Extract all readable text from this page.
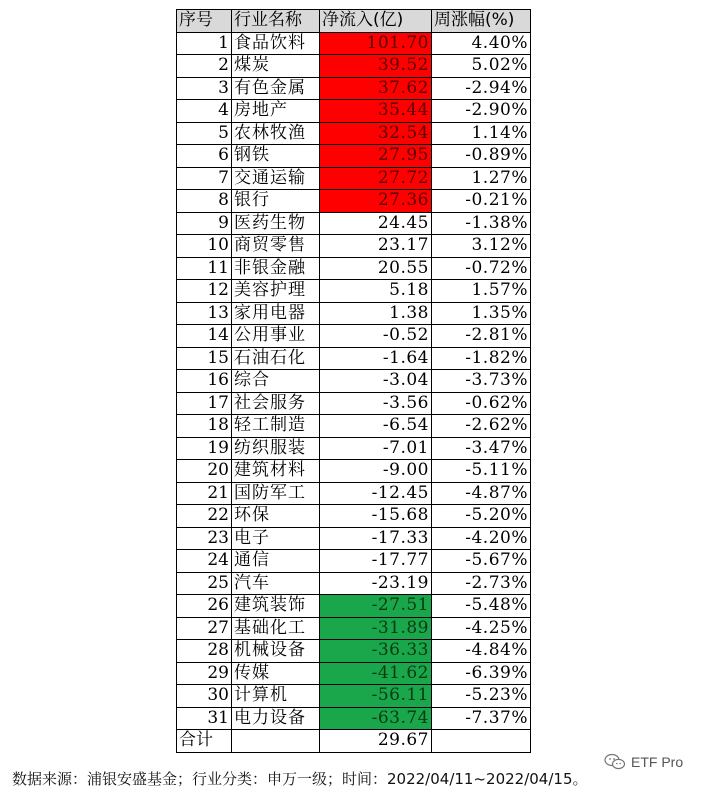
序号	行业名称	净流入(亿)	周涨幅(%)
1	食品饮料	101.70	4.40%
2	煤炭	39.52	5.02%
3	有色金属	37.62	-2.94%
4	房地产	35.44	-2.90%
5	农林牧渔	32.54	1.14%
6	钢铁	27.95	-0.89%
7	交通运输	27.72	1.27%
8	银行	27.36	-0.21%
9	医药生物	24.45	-1.38%
10	商贸零售	23.17	3.12%
11	非银金融	20.55	-0.72%
12	美容护理	5.18	1.57%
13	家用电器	1.38	1.35%
14	公用事业	-0.52	-2.81%
15	石油石化	-1.64	-1.82%
16	综合	-3.04	-3.73%
17	社会服务	-3.56	-0.62%
18	轻工制造	-6.54	-2.62%
19	纺织服装	-7.01	-3.47%
20	建筑材料	-9.00	-5.11%
21	国防军工	-12.45	-4.87%
22	环保	-15.68	-5.20%
23	电子	-17.33	-4.20%
24	通信	-17.77	-5.67%
25	汽车	-23.19	-2.73%
26	建筑装饰	-27.51	-5.48%
27	基础化工	-31.89	-4.25%
28	机械设备	-36.33	-4.84%
29	传媒	-41.62	-6.39%
30	计算机	-56.11	-5.23%
31	电力设备	-63.74	-7.37%
合计		29.67	
数据来源：浦银安盛基金；行业分类：申万一级；时间：2022/04/11~2022/04/15。
ETF Pro
